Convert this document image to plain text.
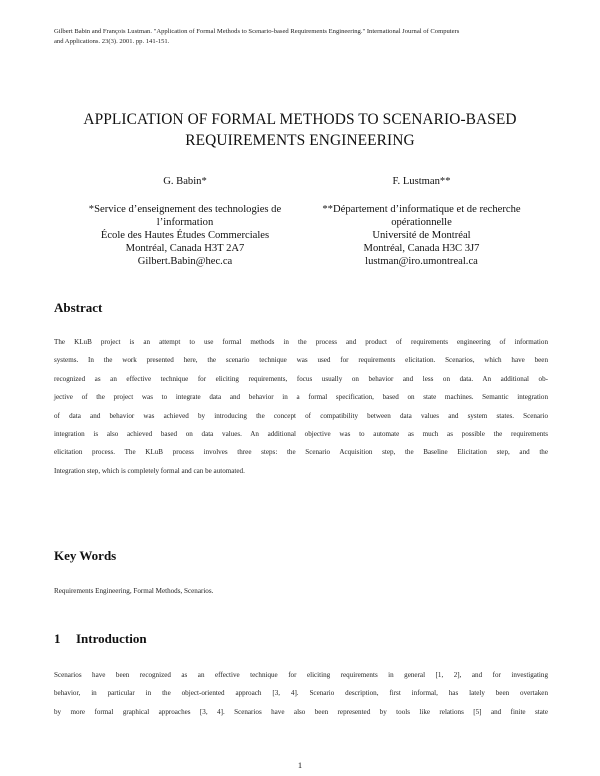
Gilbert Babin and François Lustman. "Application of Formal Methods to Scenario-based Requirements Engineering." International Journal of Computers
and Applications. 23(3). 2001. pp. 141-151.
APPLICATION OF FORMAL METHODS TO SCENARIO-BASED
REQUIREMENTS ENGINEERING
G. Babin*
*Service d’enseignement des technologies de
l’information
École des Hautes Études Commerciales
Montréal, Canada H3T 2A7
Gilbert.Babin@hec.ca
F. Lustman**
**Département d’informatique et de recherche
opérationnelle
Université de Montréal
Montréal, Canada H3C 3J7
lustman@iro.umontreal.ca
Abstract
The KLuB project is an attempt to use formal methods in the process and product of requirements engineering of information
systems. In the work presented here, the scenario technique was used for requirements elicitation. Scenarios, which have been
recognized as an effective technique for eliciting requirements, focus usually on behavior and less on data. An additional ob-
jective of the project was to integrate data and behavior in a formal specification, based on state machines. Semantic integration
of data and behavior was achieved by introducing the concept of compatibility between data values and system states. Scenario
integration is also achieved based on data values. An additional objective was to automate as much as possible the requirements
elicitation process. The KLuB process involves three steps: the Scenario Acquisition step, the Baseline Elicitation step, and the
Integration step, which is completely formal and can be automated.
Key Words
Requirements Engineering, Formal Methods, Scenarios.
1 Introduction
Scenarios have been recognized as an effective technique for eliciting requirements in general [1, 2], and for investigating
behavior, in particular in the object-oriented approach [3, 4]. Scenario description, first informal, has lately been overtaken
by more formal graphical approaches [3, 4]. Scenarios have also been represented by tools like relations [5] and finite state
1
